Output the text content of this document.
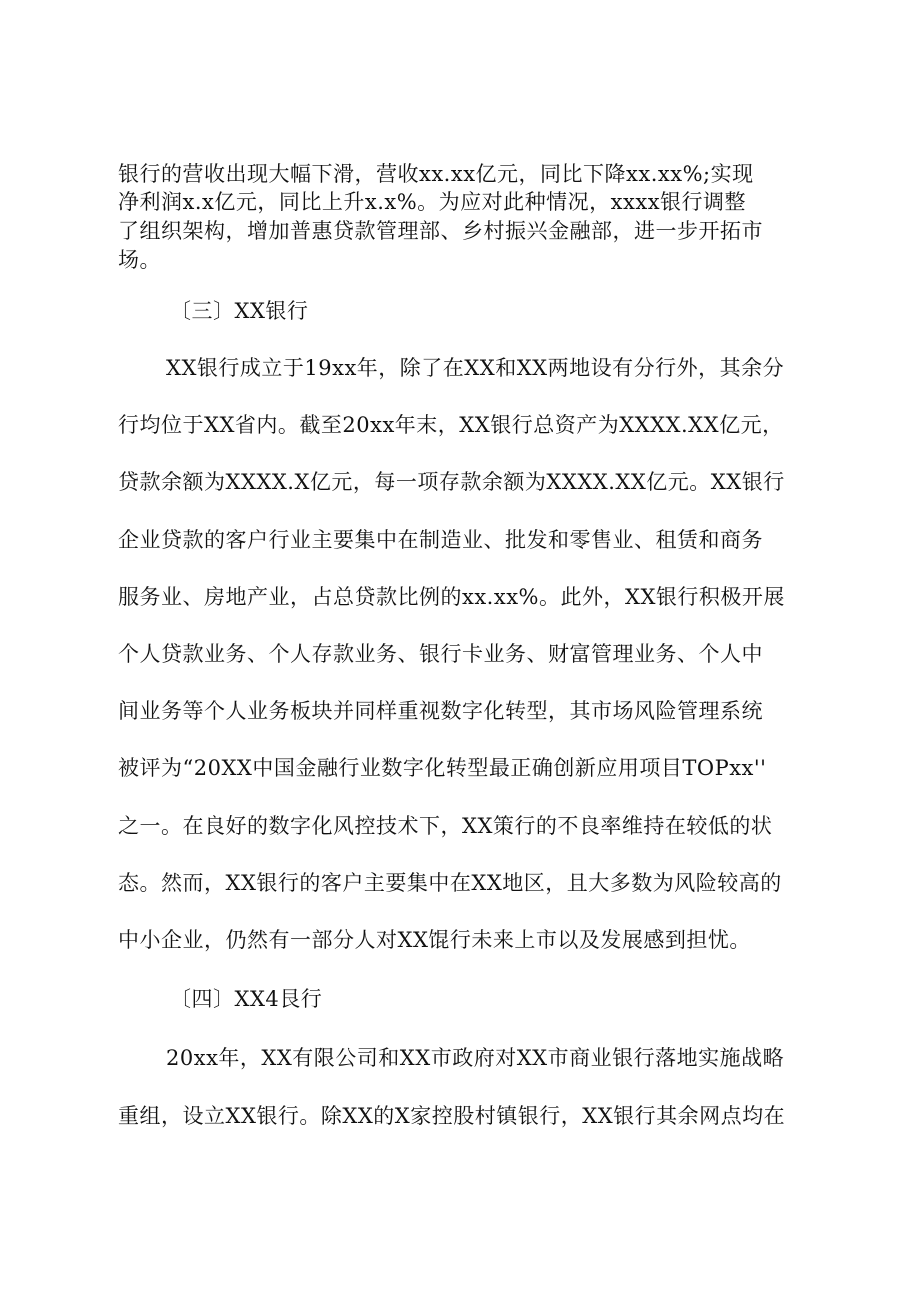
银行的营收出现大幅下滑，营收xx.xx亿元，同比下降xx.xx%;实现
净利润x.x亿元，同比上升x.x%。为应对此种情况，xxxx银行调整
了组织架构，增加普惠贷款管理部、乡村振兴金融部，进一步开拓市
场。
〔三〕XX银行
XX银行成立于19xx年，除了在XX和XX两地设有分行外，其余分
行均位于XX省内。截至20xx年末，XX银行总资产为XXXX.XX亿元，
贷款余额为XXXX.X亿元，每一项存款余额为XXXX.XX亿元。XX银行
企业贷款的客户行业主要集中在制造业、批发和零售业、租赁和商务
服务业、房地产业，占总贷款比例的xx.xx%。此外，XX银行积极开展
个人贷款业务、个人存款业务、银行卡业务、财富管理业务、个人中
间业务等个人业务板块并同样重视数字化转型，其市场风险管理系统
被评为“20XX中国金融行业数字化转型最正确创新应用项目TOPxx''
之一。在良好的数字化风控技术下，XX策行的不良率维持在较低的状
态。然而，XX银行的客户主要集中在XX地区，且大多数为风险较高的
中小企业，仍然有一部分人对XX馄行未来上市以及发展感到担忧。
〔四〕XX4艮行
20xx年，XX有限公司和XX市政府对XX市商业银行落地实施战略
重组，设立XX银行。除XX的X家控股村镇银行，XX银行其余网点均在
